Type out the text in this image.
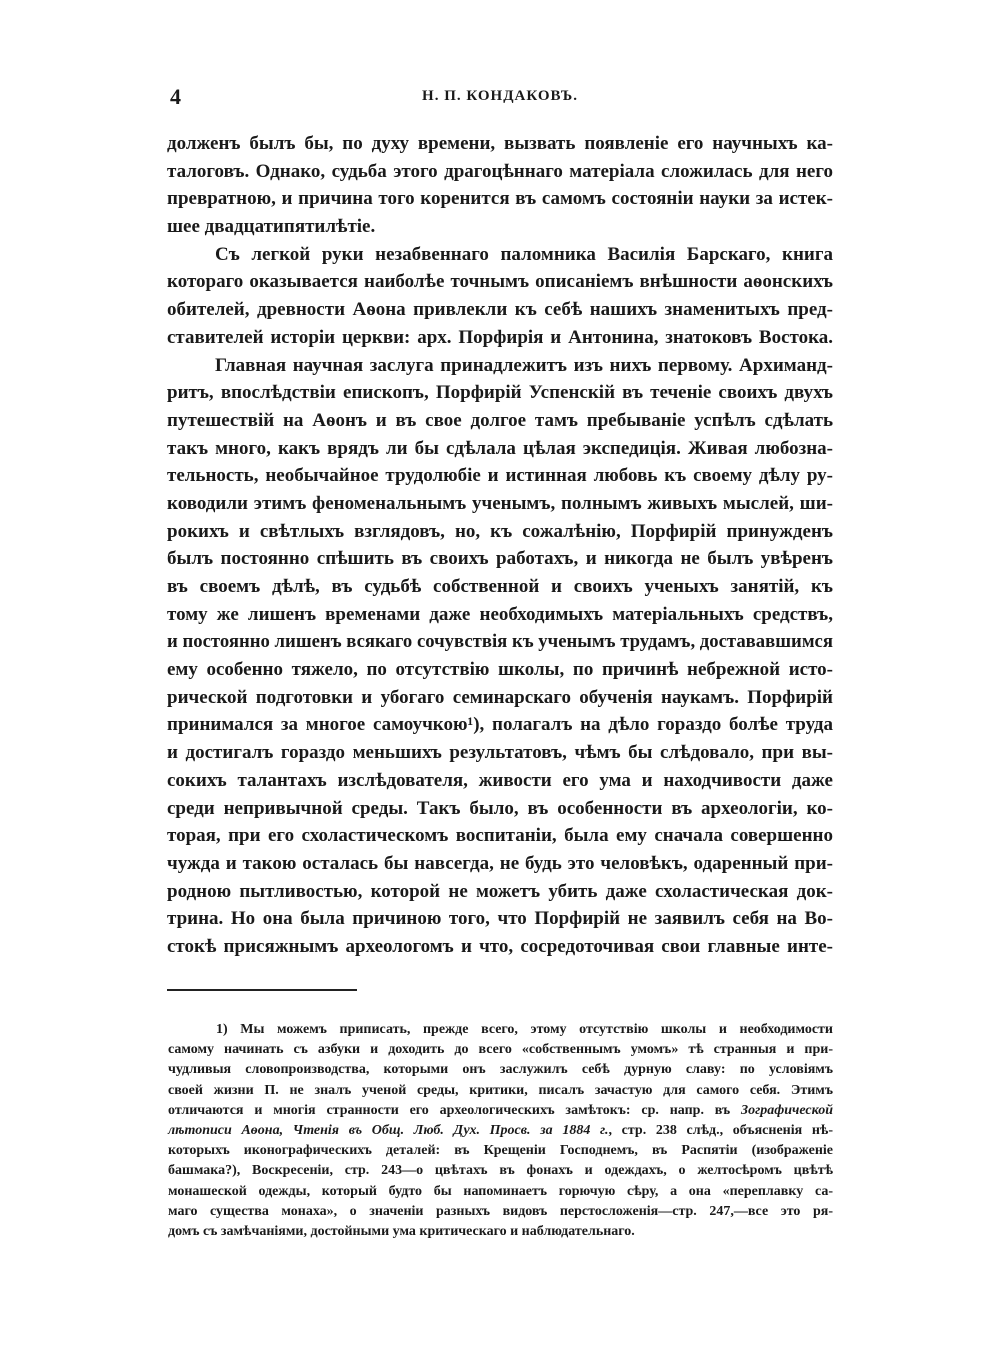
4	Н. П. КОНДАКОВЪ.
долженъ былъ бы, по духу времени, вызвать появленіе его научныхъ ка-
талоговъ. Однако, судьба этого драгоцѣннаго матеріала сложилась для него
превратною, и причина того коренится въ самомъ состояніи науки за истек-
шее двадцатипятилѣтіе.
Съ легкой руки незабвеннаго паломника Василія Барскаго, книга
котораго оказывается наиболѣе точнымъ описаніемъ внѣшности аѳонскихъ
обителей, древности Аѳона привлекли къ себѣ нашихъ знаменитыхъ пред-
ставителей исторіи церкви: арх. Порфирія и Антонина, знатоковъ Востока.
Главная научная заслуга принадлежитъ изъ нихъ первому. Архиманд-
ритъ, впослѣдствіи епископъ, Порфирій Успенскій въ теченіе своихъ двухъ
путешествій на Аѳонъ и въ свое долгое тамъ пребываніе успѣлъ сдѣлать
такъ много, какъ врядъ ли бы сдѣлала цѣлая экспедиція. Живая любозна-
тельность, необычайное трудолюбіе и истинная любовь къ своему дѣлу ру-
ководили этимъ феноменальнымъ ученымъ, полнымъ живыхъ мыслей, ши-
рокихъ и свѣтлыхъ взглядовъ, но, къ сожалѣнію, Порфирій принужденъ
былъ постоянно спѣшить въ своихъ работахъ, и никогда не былъ увѣренъ
въ своемъ дѣлѣ, въ судьбѣ собственной и своихъ ученыхъ занятій, къ
тому же лишенъ временами даже необходимыхъ матеріальныхъ средствъ,
и постоянно лишенъ всякаго сочувствія къ ученымъ трудамъ, достававшимся
ему особенно тяжело, по отсутствію школы, по причинѣ небрежной исто-
рической подготовки и убогаго семинарскаго обученія наукамъ. Порфирій
принимался за многое самоучкою¹), полагалъ на дѣло гораздо болѣе труда
и достигалъ гораздо меньшихъ результатовъ, чѣмъ бы слѣдовало, при вы-
сокихъ талантахъ изслѣдователя, живости его ума и находчивости даже
среди непривычной среды. Такъ было, въ особенности въ археологіи, ко-
торая, при его схоластическомъ воспитаніи, была ему сначала совершенно
чужда и такою осталась бы навсегда, не будь это человѣкъ, одаренный при-
родною пытливостью, которой не можетъ убить даже схоластическая док-
трина. Но она была причиною того, что Порфирій не заявилъ себя на Во-
стокѣ присяжнымъ археологомъ и что, сосредоточивая свои главные инте-
1) Мы можемъ приписать, прежде всего, этому отсутствію школы и необходимости
самому начинать съ азбуки и доходить до всего «собственнымъ умомъ» тѣ странныя и при-
чудливыя словопроизводства, которыми онъ заслужилъ себѣ дурную славу: по условіямъ
своей жизни П. не зналъ ученой среды, критики, писалъ зачастую для самого себя. Этимъ
отличаются и многія странности его археологическихъ замѣтокъ: ср. напр. въ Зографической
лѣтописи Аѳона, Чтенія въ Общ. Люб. Дух. Просв. за 1884 г., стр. 238 слѣд., объясненія нѣ-
которыхъ иконографическихъ деталей: въ Крещеніи Господнемъ, въ Распятіи (изображеніе
башмака?), Воскресеніи, стр. 243—о цвѣтахъ въ фонахъ и одеждахъ, о желтосѣромъ цвѣтѣ
монашеской одежды, который будто бы напоминаетъ горючую сѣру, а она «переплавку са-
маго существа монаха», о значеніи разныхъ видовъ перстосложенія—стр. 247,—все это ря-
домъ съ замѣчаніями, достойными ума критическаго и наблюдательнаго.
